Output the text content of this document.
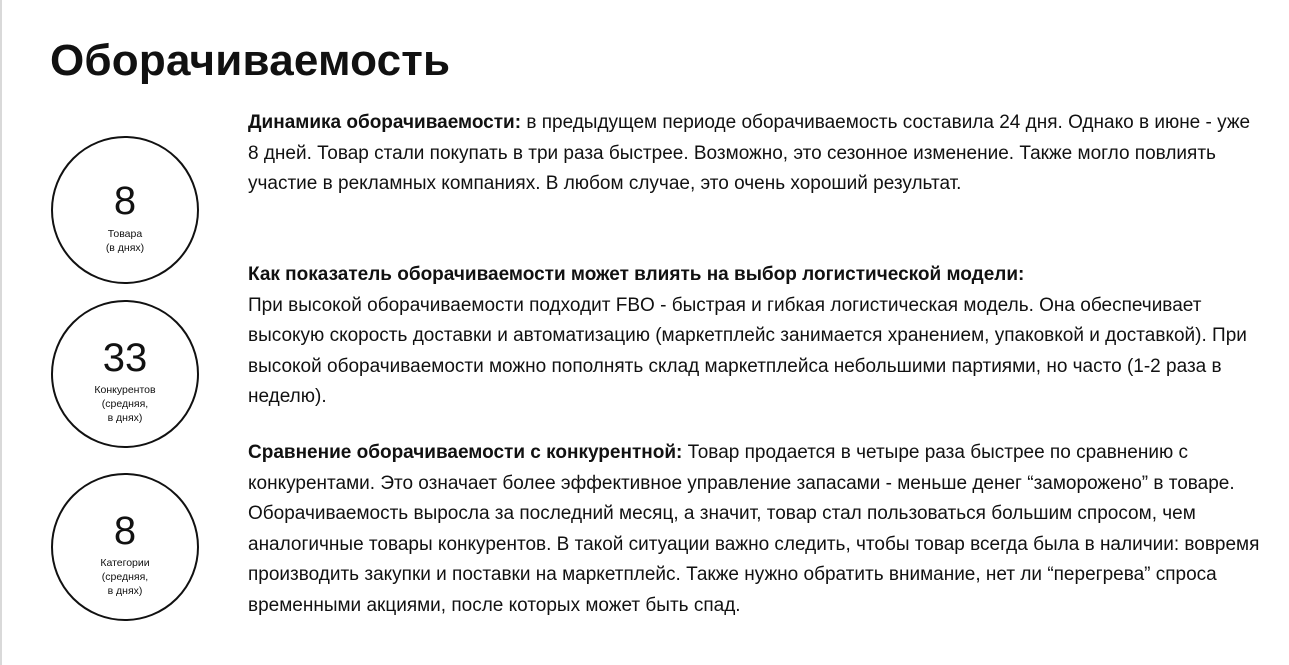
Оборачиваемость
8
Товара
(в днях)
33
Конкурентов
(средняя,
в днях)
8
Категории
(средняя,
в днях)

Динамика оборачиваемости: в предыдущем периоде оборачиваемость составила 24 дня. Однако в июне - уже 8 дней. Товар стали покупать в три раза быстрее. Возможно, это сезонное изменение. Также могло повлиять участие в рекламных компаниях. В любом случае, это очень хороший результат.

Как показатель оборачиваемости может влиять на выбор логистической модели:
При высокой оборачиваемости подходит FBO - быстрая и гибкая логистическая модель. Она обеспечивает высокую скорость доставки и автоматизацию (маркетплейс занимается хранением, упаковкой и доставкой). При высокой оборачиваемости можно пополнять склад маркетплейса небольшими партиями, но часто (1-2 раза в неделю).

Сравнение оборачиваемости с конкурентной: Товар продается в четыре раза быстрее по сравнению с конкурентами. Это означает более эффективное управление запасами - меньше денег “заморожено” в товаре. Оборачиваемость выросла за последний месяц, а значит, товар стал пользоваться большим спросом, чем аналогичные товары конкурентов. В такой ситуации важно следить, чтобы товар всегда была в наличии: вовремя производить закупки и поставки на маркетплейс. Также нужно обратить внимание, нет ли “перегрева” спроса временными акциями, после которых может быть спад.
